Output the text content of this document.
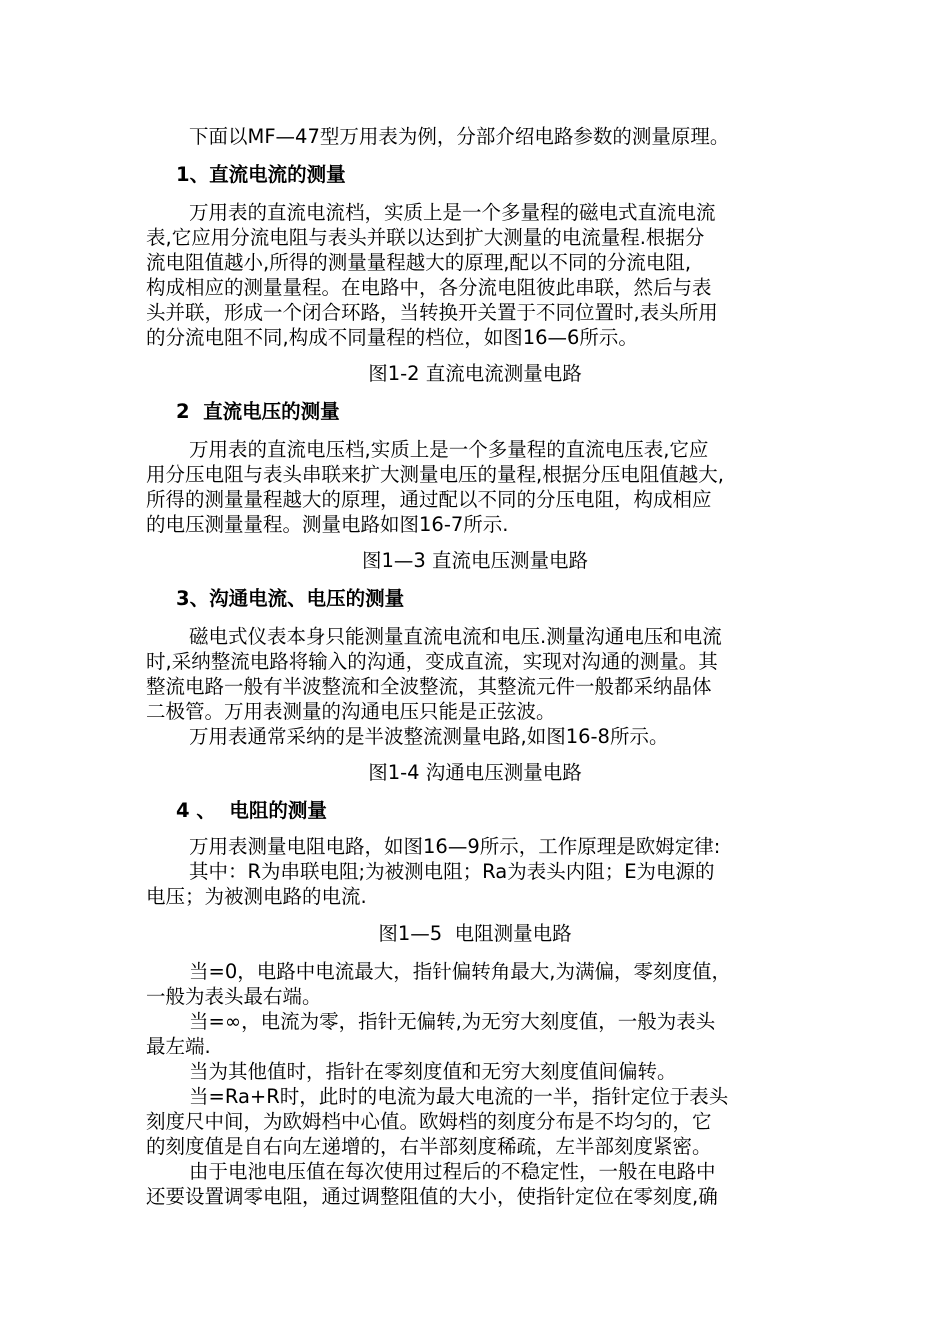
下面以MF—47型万用表为例，分部介绍电路参数的测量原理。
1、直流电流的测量
万用表的直流电流档，实质上是一个多量程的磁电式直流电流
表,它应用分流电阻与表头并联以达到扩大测量的电流量程.根据分
流电阻值越小,所得的测量量程越大的原理,配以不同的分流电阻,
构成相应的测量量程。在电路中，各分流电阻彼此串联，然后与表
头并联，形成一个闭合环路，当转换开关置于不同位置时,表头所用
的分流电阻不同,构成不同量程的档位，如图16—6所示。
图1-2 直流电流测量电路
2  直流电压的测量
万用表的直流电压档,实质上是一个多量程的直流电压表,它应
用分压电阻与表头串联来扩大测量电压的量程,根据分压电阻值越大,
所得的测量量程越大的原理，通过配以不同的分压电阻，构成相应
的电压测量量程。测量电路如图16-7所示.
图1—3 直流电压测量电路
3、沟通电流、电压的测量
磁电式仪表本身只能测量直流电流和电压.测量沟通电压和电流
时,采纳整流电路将输入的沟通，变成直流，实现对沟通的测量。其
整流电路一般有半波整流和全波整流，其整流元件一般都采纳晶体
二极管。万用表测量的沟通电压只能是正弦波。
万用表通常采纳的是半波整流测量电路,如图16-8所示。
图1-4 沟通电压测量电路
4 、  电阻的测量
万用表测量电阻电路，如图16—9所示，工作原理是欧姆定律:
其中：R为串联电阻;为被测电阻；Ra为表头内阻；E为电源的
电压；为被测电路的电流.
图1—5  电阻测量电路
当=0，电路中电流最大，指针偏转角最大,为满偏，零刻度值，
一般为表头最右端。
当=∞，电流为零，指针无偏转,为无穷大刻度值，一般为表头
最左端.
当为其他值时，指针在零刻度值和无穷大刻度值间偏转。
当=Ra+R时，此时的电流为最大电流的一半，指针定位于表头
刻度尺中间，为欧姆档中心值。欧姆档的刻度分布是不均匀的，它
的刻度值是自右向左递增的，右半部刻度稀疏，左半部刻度紧密。
由于电池电压值在每次使用过程后的不稳定性，一般在电路中
还要设置调零电阻，通过调整阻值的大小，使指针定位在零刻度,确
